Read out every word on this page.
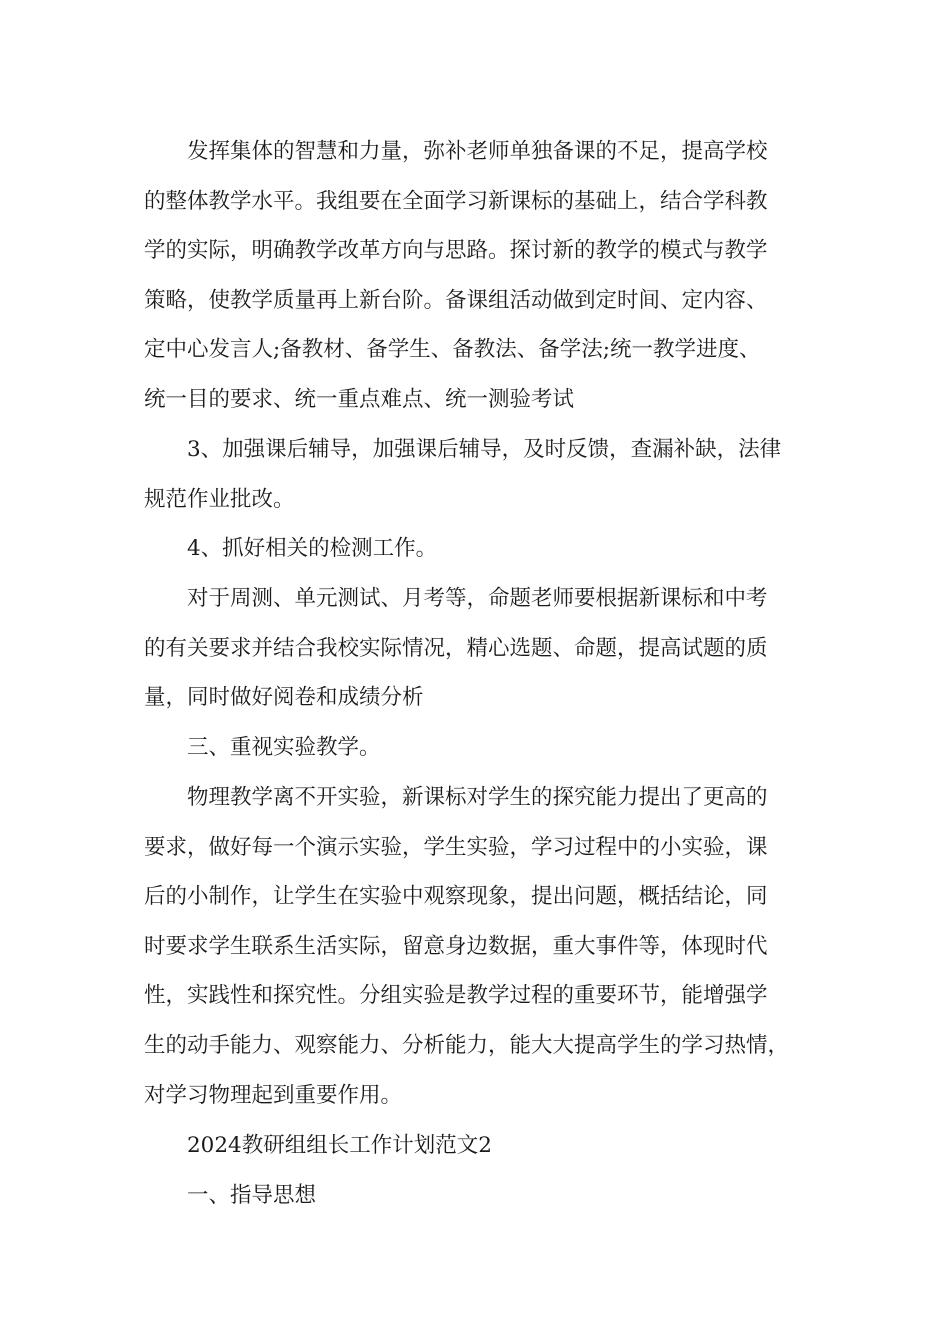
发挥集体的智慧和力量，弥补老师单独备课的不足，提高学校
的整体教学水平。我组要在全面学习新课标的基础上，结合学科教
学的实际，明确教学改革方向与思路。探讨新的教学的模式与教学
策略，使教学质量再上新台阶。备课组活动做到定时间、定内容、
定中心发言人;备教材、备学生、备教法、备学法;统一教学进度、
统一目的要求、统一重点难点、统一测验考试
3、加强课后辅导，加强课后辅导，及时反馈，查漏补缺，法律
规范作业批改。
4、抓好相关的检测工作。
对于周测、单元测试、月考等，命题老师要根据新课标和中考
的有关要求并结合我校实际情况，精心选题、命题，提高试题的质
量，同时做好阅卷和成绩分析
三、重视实验教学。
物理教学离不开实验，新课标对学生的探究能力提出了更高的
要求，做好每一个演示实验，学生实验，学习过程中的小实验，课
后的小制作，让学生在实验中观察现象，提出问题，概括结论，同
时要求学生联系生活实际，留意身边数据，重大事件等，体现时代
性，实践性和探究性。分组实验是教学过程的重要环节，能增强学
生的动手能力、观察能力、分析能力，能大大提高学生的学习热情，
对学习物理起到重要作用。
2024教研组组长工作计划范文2
一、指导思想
